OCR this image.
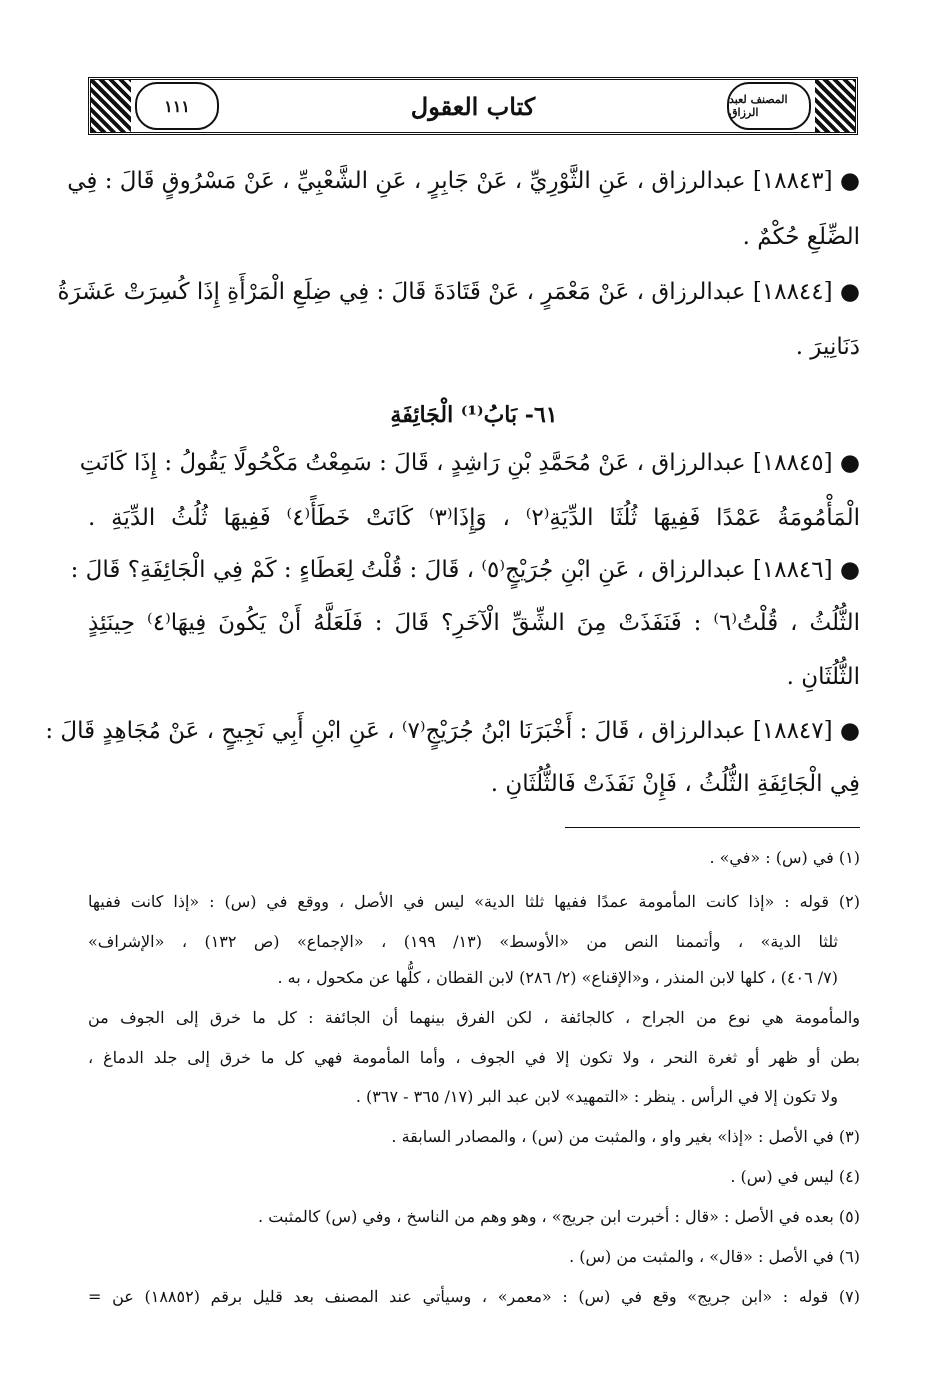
١١١	كتاب العقول	المصنف لعبد الرزاق
● [١٨٨٤٣] عبدالرزاق ، عَنِ الثَّوْرِيِّ ، عَنْ جَابِرٍ ، عَنِ الشَّعْبِيِّ ، عَنْ مَسْرُوقٍ قَالَ : فِي
الضِّلَعِ حُكْمٌ .
● [١٨٨٤٤] عبدالرزاق ، عَنْ مَعْمَرٍ ، عَنْ قَتَادَةَ قَالَ : فِي ضِلَعِ الْمَرْأَةِ إِذَا كُسِرَتْ عَشَرَةُ
دَنَانِيرَ .
٦١- بَابُ⁽¹⁾ الْجَائِفَةِ
● [١٨٨٤٥] عبدالرزاق ، عَنْ مُحَمَّدِ بْنِ رَاشِدٍ ، قَالَ : سَمِعْتُ مَكْحُولًا يَقُولُ : إِذَا كَانَتِ
الْمَأْمُومَةُ عَمْدًا فَفِيهَا ثُلُثَا الدِّيَةِ⁽٢⁾ ، وَإِذَا⁽٣⁾ كَانَتْ خَطَأً⁽٤⁾ فَفِيهَا ثُلُثُ الدِّيَةِ .
● [١٨٨٤٦] عبدالرزاق ، عَنِ ابْنِ جُرَيْجٍ⁽٥⁾ ، قَالَ : قُلْتُ لِعَطَاءٍ : كَمْ فِي الْجَائِفَةِ؟ قَالَ :
الثُّلُثُ ، قُلْتُ⁽٦⁾ : فَنَفَذَتْ مِنَ الشِّقِّ الْآخَرِ؟ قَالَ : فَلَعَلَّهُ أَنْ يَكُونَ فِيهَا⁽٤⁾ حِينَئِذٍ
الثُّلُثَانِ .
● [١٨٨٤٧] عبدالرزاق ، قَالَ : أَخْبَرَنَا ابْنُ جُرَيْجٍ⁽٧⁾ ، عَنِ ابْنِ أَبِي نَجِيحٍ ، عَنْ مُجَاهِدٍ قَالَ :
فِي الْجَائِفَةِ الثُّلُثُ ، فَإِنْ نَفَذَتْ فَالثُّلُثَانِ .
(١) في (س) : «في» .
(٢) قوله : «إذا كانت المأمومة عمدًا ففيها ثلثا الدية» ليس في الأصل ، ووقع في (س) : «إذا كانت ففيها
ثلثا الدية» ، وأتممنا النص من «الأوسط» (١٣/ ١٩٩) ، «الإجماع» (ص ١٣٢) ، «الإشراف»
(٧/ ٤٠٦) ، كلها لابن المنذر ، و«الإقناع» (٢/ ٢٨٦) لابن القطان ، كلُّها عن مكحول ، به .
والمأمومة هي نوع من الجراح ، كالجائفة ، لكن الفرق بينهما أن الجائفة : كل ما خرق إلى الجوف من
بطن أو ظهر أو ثغرة النحر ، ولا تكون إلا في الجوف ، وأما المأمومة فهي كل ما خرق إلى جلد الدماغ ،
ولا تكون إلا في الرأس . ينظر : «التمهيد» لابن عبد البر (١٧/ ٣٦٥ - ٣٦٧) .
(٣) في الأصل : «إذا» بغير واو ، والمثبت من (س) ، والمصادر السابقة .
(٤) ليس في (س) .
(٥) بعده في الأصل : «قال : أخبرت ابن جريج» ، وهو وهم من الناسخ ، وفي (س) كالمثبت .
(٦) في الأصل : «قال» ، والمثبت من (س) .
(٧) قوله : «ابن جريج» وقع في (س) : «معمر» ، وسيأتي عند المصنف بعد قليل برقم (١٨٨٥٢) عن =
